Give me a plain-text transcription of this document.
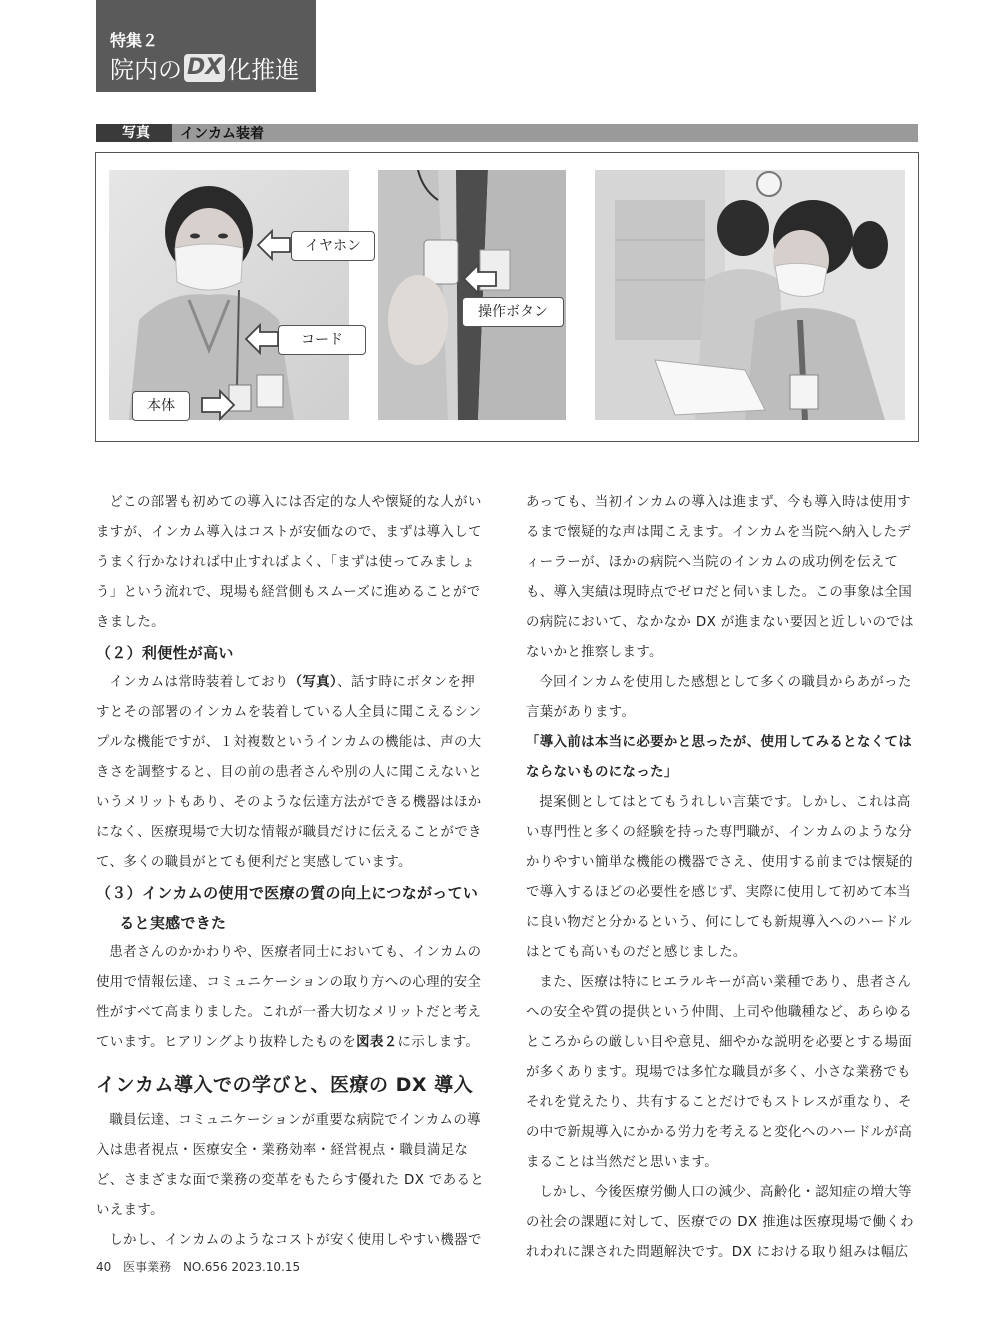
特集２
院内の DX 化推進
写真	インカム装着
イヤホン
コード
本体
操作ボタン

どこの部署も初めての導入には否定的な人や懐疑的な人がいますが、インカム導入はコストが安価なので、まずは導入してうまく行かなければ中止すればよく、「まずは使ってみましょう」という流れで、現場も経営側もスムーズに進めることができました。

（２）利便性が高い

インカムは常時装着しており（写真）、話す時にボタンを押すとその部署のインカムを装着している人全員に聞こえるシンプルな機能ですが、１対複数というインカムの機能は、声の大きさを調整すると、目の前の患者さんや別の人に聞こえないというメリットもあり、そのような伝達方法ができる機器はほかになく、医療現場で大切な情報が職員だけに伝えることができて、多くの職員がとても便利だと実感しています。

（３）インカムの使用で医療の質の向上につながっていると実感できた

患者さんのかかわりや、医療者同士においても、インカムの使用で情報伝達、コミュニケーションの取り方への心理的安全性がすべて高まりました。これが一番大切なメリットだと考えています。ヒアリングより抜粋したものを図表２に示します。

インカム導入での学びと、医療の DX 導入

職員伝達、コミュニケーションが重要な病院でインカムの導入は患者視点・医療安全・業務効率・経営視点・職員満足など、さまざまな面で業務の変革をもたらす優れた DX であるといえます。

しかし、インカムのようなコストが安く使用しやすい機器で

あっても、当初インカムの導入は進まず、今も導入時は使用するまで懐疑的な声は聞こえます。インカムを当院へ納入したディーラーが、ほかの病院へ当院のインカムの成功例を伝えても、導入実績は現時点でゼロだと伺いました。この事象は全国の病院において、なかなか DX が進まない要因と近しいのではないかと推察します。

今回インカムを使用した感想として多くの職員からあがった言葉があります。

「導入前は本当に必要かと思ったが、使用してみるとなくてはならないものになった」

提案側としてはとてもうれしい言葉です。しかし、これは高い専門性と多くの経験を持った専門職が、インカムのような分かりやすい簡単な機能の機器でさえ、使用する前までは懐疑的で導入するほどの必要性を感じず、実際に使用して初めて本当に良い物だと分かるという、何にしても新規導入へのハードルはとても高いものだと感じました。

また、医療は特にヒエラルキーが高い業種であり、患者さんへの安全や質の提供という仲間、上司や他職種など、あらゆるところからの厳しい目や意見、細やかな説明を必要とする場面が多くあります。現場では多忙な職員が多く、小さな業務でもそれを覚えたり、共有することだけでもストレスが重なり、その中で新規導入にかかる労力を考えると変化へのハードルが高まることは当然だと思います。

しかし、今後医療労働人口の減少、高齢化・認知症の増大等の社会の課題に対して、医療での DX 推進は医療現場で働くわれわれに課された問題解決です。DX における取り組みは幅広

40 医事業務 NO.656 2023.10.15
